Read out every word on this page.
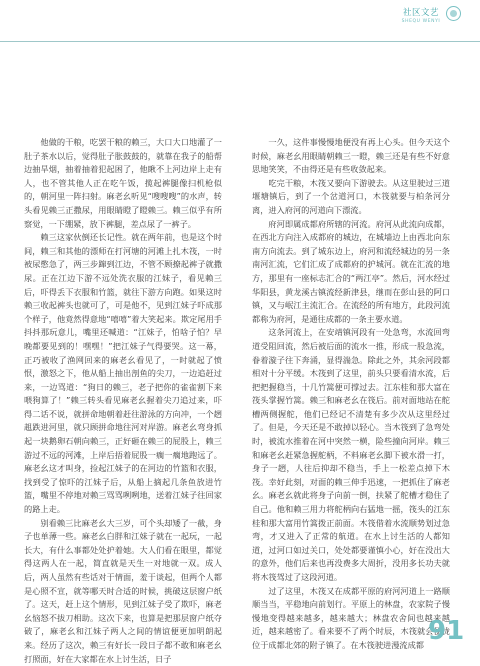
社区文艺
SHEQU WENYI

他做的干粮，吃罢干粮的赖三，大口大口地灌了一肚子茶水以后，觉得肚子胀鼓鼓的，就靠在我子的船帮边抽旱烟，抽着抽着犯起困了，他瞅不上河边岸上走有人，也不管其他人正在吃午饭，揽起裤腿像扫机枪似的，朝河里一阵扫射。麻老幺听见“嗖嗖嗖”的水声，转头看见赖三正撒尿，用眼睛瞪了瞪赖三。赖三似乎有所察觉，一下绷紧，放下裤腿，差点尿了一裤子。

赖三这家伙倒还长记性。就在两年前，也是这个时间，赖三和其他的漂师在打河塘的河滩上扎木筏，一时被尿憋急了，两三步蹿到江边，不管不顾撩起裤子就撒尿。正在江边下游不远处洗衣服的江妹子，看见赖三后，吓得丢下衣服和竹篮，就往下游方向跑。如果这时赖三收起裤头也就可了，可是他不，见到江妹子吓成那个样子，他竟然得意地“嘻嘻”着大笑起来。欺定尾用手抖抖那玩意儿，嘴里还喊道：“江妹子，怕啥子怕？早晚都要见到的！嘿嘿！”把江妹子气得要哭。这一幕，正巧被收了渔网回来的麻老幺看见了，一时就起了愤恨，激怒之下，他从船上抽出剖鱼的尖刀，一边追赶过来，一边骂道：“狗日的赖三，老子把你的雀雀割下来喂狗算了！”赖三转头看见麻老幺握着尖刀追过来，吓得二话不说，就拼命地朝着赶往游泳的方向冲，一个趔趄跌进河里，就只顾拼命地往河对岸游。麻老幺弯身抓起一块鹅卵石朝向赖三，正好砸在赖三的屁股上，赖三游过不远的河滩，上岸后捂着屁股一瘸一瘸地跑远了。麻老幺这才叫身，捡起江妹子的在河边的竹篮和衣服，找到受了惊吓的江妹子后，从船上摘起几条鱼放进竹篮，嘴里不停地对赖三骂骂咧咧地，送着江妹子往回家的路上走。

别看赖三比麻老幺大三岁，可个头却矮了一截，身子也单薄一些。麻老幺白胖和江妹子就在一起玩，一起长大，有什么事都处处护着她。大人们看在眼里，都觉得这两人在一起，简直就是天生一对地就一双。成人后，两人虽然有些话对于情面，羞于谈起，但两个人都是心照不宣，就等哪天时合适的时候，挑破这层窗户纸了。这天，赶上这个情形，见到江妹子受了欺吓，麻老幺恼怒不拔刀相助。这次下来，也算是把那层窗户纸夺破了，麻老幺和江妹子两人之间的情谊便更加明朗起来。经历了这次，赖三有好长一段日子都不敢和麻老幺打照面，好在大家都在水上讨生活，日子

一久，这件事慢慢地便没有再上心头。但今天这个时候，麻老幺用眼睛朝赖三一瞪，赖三还是有些不好意思地笑笑，不由得还是有些收敛起来。

吃完干粮，木筏又要向下游驶去。从这里驶过三道堰塘镇后，到了一个岔道河口，木筏就要与柏条河分离，进入府河的河道向下漂流。

府河即属成都府所辖的河流。府河从此流向成都，在西北方向注入成都府的城边，在城墙边上由西北向东南方向流去。到了城东边上，府河和流经城边的另一条南河汇流，它们汇成了成都府的护城河。就在汇流的地方，那里有一座标志汇合的“两江亭”。然后，河水经过华阳县，黄龙溪古镇流经新津县，继而在彭山县的阿口镇，又与岷江主流汇合。在流经的所有地方，此段河流都称为府河，是通往成都的一条主要水道。

这条河流上，在安靖镇河段有一处急弯，水流回弯道受阻回流，然后被后面的流水一推，形成一股急流，眷着漩子往下奔涌，显得湍急。除此之外，其余河段都相对十分平缓。木筏到了这里，前头只要看清水流，后把把握稳当，十几竹篙便可撑过去。江东桂和那大富在筏头掌握竹篙。赖三和麻老幺在筏后。前对面地站在舵槽两侧握舵，他们已经记不清楚有多少次从这里经过了。但是，今天还是不敢掉以轻心。当木筏到了急弯处时，被流水推着在河中突然一横，险些撞向河岸。赖三和麻老幺赶紧急握舵柄，不料麻老幺脚下被水滑一打，身子一趔，人往后抑却不稳当，手上一松差点掉下木筏。幸好此刻，对面的赖三伸手迅速，一把抓住了麻老幺。麻老幺就此将身子向前一倒，扶紧了舵槽才稳住了自己。他和赖三用力将舵柄向右猛地一摇，筏头的江东桂和那大富用竹篙拨正前面。木筏借着水流顺势划过急弯，才又进入了正常的航道。在水上讨生活的人都知道，过河口如过关口，处处都要谨慎小心，好在没出大的意外，他们后来也再没费多大周折，没用多长功夫就将木筏驾过了这段河道。

过了这里，木筏又在成都平原的府河河道上一路顺顺当当，平稳地向前划行。平原上的林盘，农家院子慢慢地变得越来越多，越来越大；林盘农舍间也越来越近，越来越密了。看来要不了两个时辰，木筏就会便拢位于成都北郊的附子镇了。在木筏驶进漫流成都 91
